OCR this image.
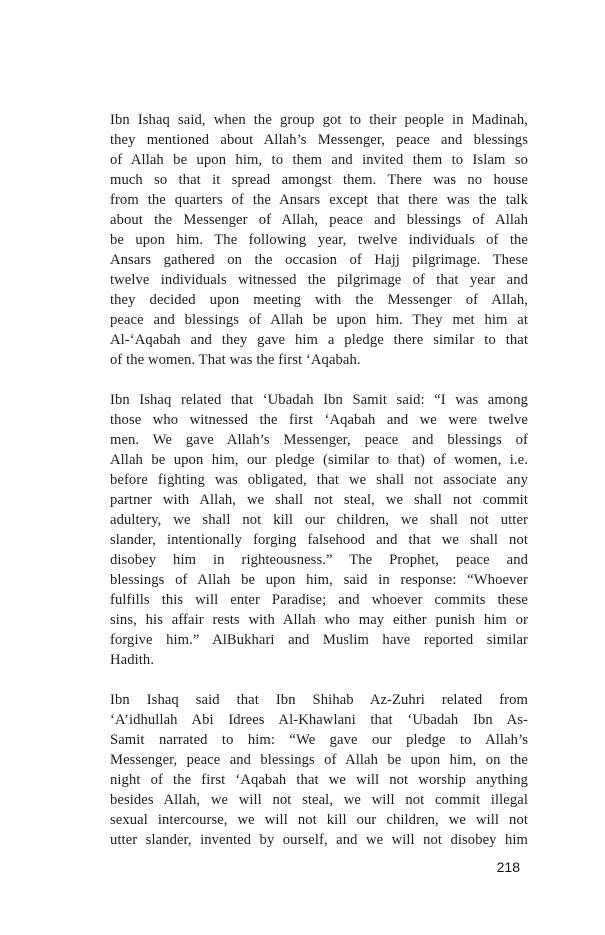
Ibn Ishaq said, when the group got to their people in Madinah,
they mentioned about Allah’s Messenger, peace and blessings
of Allah be upon him, to them and invited them to Islam so
much so that it spread amongst them. There was no house
from the quarters of the Ansars except that there was the talk
about the Messenger of Allah, peace and blessings of Allah
be upon him. The following year, twelve individuals of the
Ansars gathered on the occasion of Hajj pilgrimage. These
twelve individuals witnessed the pilgrimage of that year and
they decided upon meeting with the Messenger of Allah,
peace and blessings of Allah be upon him. They met him at
Al-‘Aqabah and they gave him a pledge there similar to that
of the women. That was the first ‘Aqabah.
Ibn Ishaq related that ‘Ubadah Ibn Samit said: “I was among
those who witnessed the first ‘Aqabah and we were twelve
men. We gave Allah’s Messenger, peace and blessings of
Allah be upon him, our pledge (similar to that) of women, i.e.
before fighting was obligated, that we shall not associate any
partner with Allah, we shall not steal, we shall not commit
adultery, we shall not kill our children, we shall not utter
slander, intentionally forging falsehood and that we shall not
disobey him in righteousness.” The Prophet, peace and
blessings of Allah be upon him, said in response: “Whoever
fulfills this will enter Paradise; and whoever commits these
sins, his affair rests with Allah who may either punish him or
forgive him.” AlBukhari and Muslim have reported similar
Hadith.
Ibn Ishaq said that Ibn Shihab Az-Zuhri related from
‘A’idhullah Abi Idrees Al-Khawlani that ‘Ubadah Ibn As-
Samit narrated to him: “We gave our pledge to Allah’s
Messenger, peace and blessings of Allah be upon him, on the
night of the first ‘Aqabah that we will not worship anything
besides Allah, we will not steal, we will not commit illegal
sexual intercourse, we will not kill our children, we will not
utter slander, invented by ourself, and we will not disobey him
218
